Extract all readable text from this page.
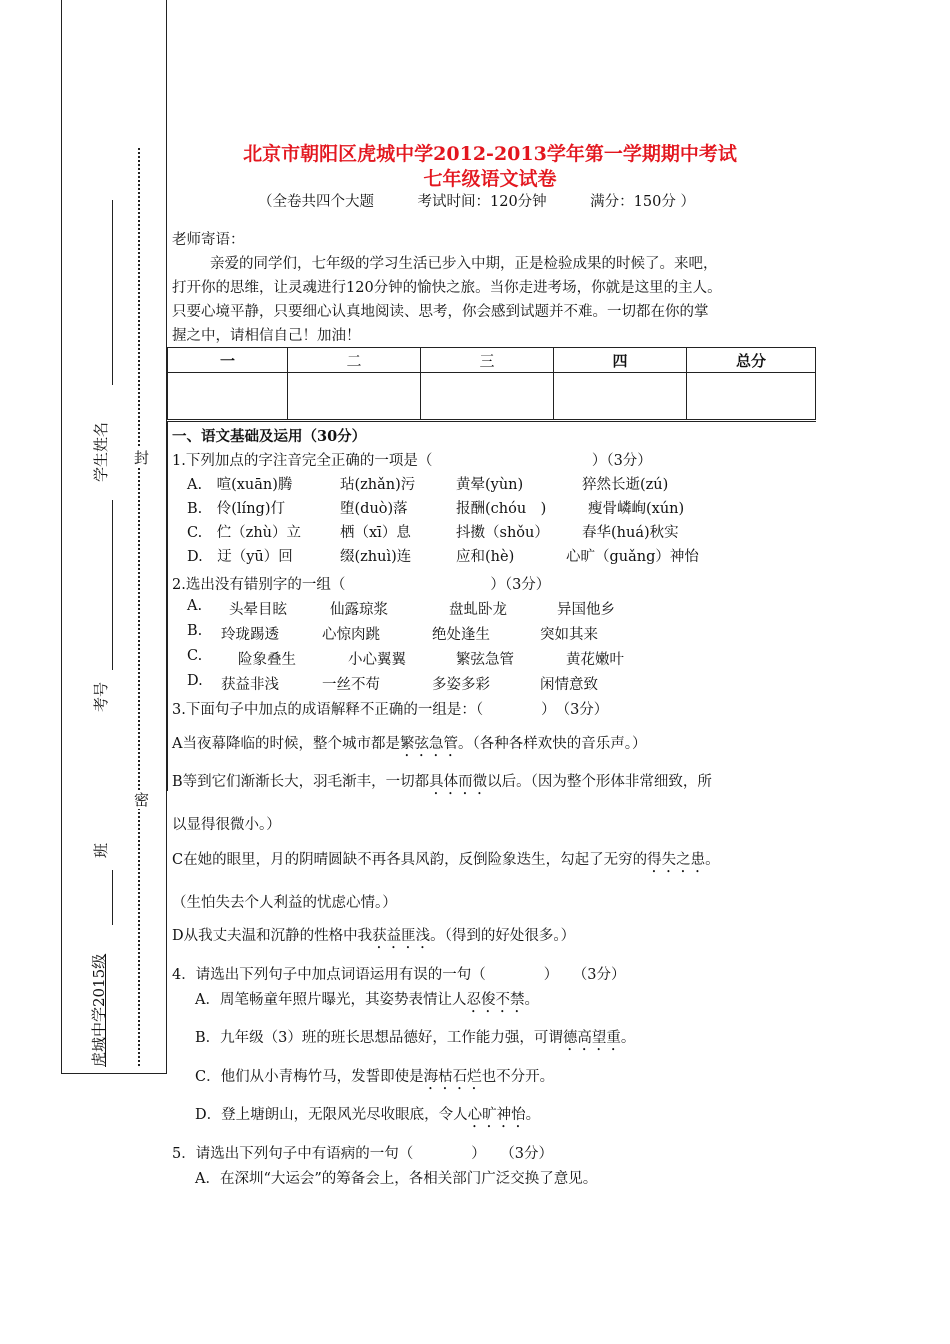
封
密
学生姓名
考号
班
虎城中学2015级
北京市朝阳区虎城中学2012-2013学年第一学期期中考试
七年级语文试卷
（全卷共四个大题　　　考试时间：120分钟　　　满分：150分 ）
老师寄语：
亲爱的同学们，七年级的学习生活已步入中期，正是检验成果的时候了。来吧，
打开你的思维，让灵魂进行120分钟的愉快之旅。当你走进考场，你就是这里的主人。
只要心境平静，只要细心认真地阅读、思考，你会感到试题并不难。一切都在你的掌
握之中，请相信自己！加油！
一	二	三	四	总分

一、语文基础及运用（30分）
1.下列加点的字注音完全正确的一项是（　　　　　　　　　　　）（3分）
A.　喧(xuān)腾	玷(zhǎn)污	黄晕(yùn)	猝然长逝(zú)
B.　伶(líng)仃	堕(duò)落	报酬(chóu　)	瘦骨嶙峋(xún)
C.　伫（zhù）立	栖（xī）息	抖擞（shǒu） 春华(huá)秋实
D.　迂（yū）回	缀(zhuì)连	应和(hè)	心旷（guǎng）神怡
2.选出没有错别字的一组（　　　　　　　　　　）（3分）
A. 头晕目眩	仙露琼浆	盘虬卧龙	异国他乡
B. 玲珑踢透	心惊肉跳	绝处逢生	突如其来
C. 险象叠生	小心翼翼	繁弦急管	黄花嫩叶
D. 获益非浅	一丝不苟	多姿多彩	闲情意致
3.下面句子中加点的成语解释不正确的一组是：（　　　　）　（3分）
A当夜幕降临的时候，整个城市都是繁弦急管。（各种各样欢快的音乐声。）
B等到它们渐渐长大，羽毛渐丰，一切都具体而微以后。（因为整个形体非常细致，所
以显得很微小。）
C在她的眼里，月的阴晴圆缺不再各具风韵，反倒险象迭生，勾起了无穷的得失之患。
（生怕失去个人利益的忧虑心情。）
D从我丈夫温和沉静的性格中我获益匪浅。（得到的好处很多。）
4．请选出下列句子中加点词语运用有误的一句（　　　　）　　（3分）
A．周笔畅童年照片曝光，其姿势表情让人忍俊不禁。
B．九年级（3）班的班长思想品德好，工作能力强，可谓德高望重。
C．他们从小青梅竹马，发誓即使是海枯石烂也不分开。
D．登上塘朗山，无限风光尽收眼底，令人心旷神怡。
5．请选出下列句子中有语病的一句（　　　　）　　（3分）
A．在深圳“大运会”的筹备会上，各相关部门广泛交换了意见。
